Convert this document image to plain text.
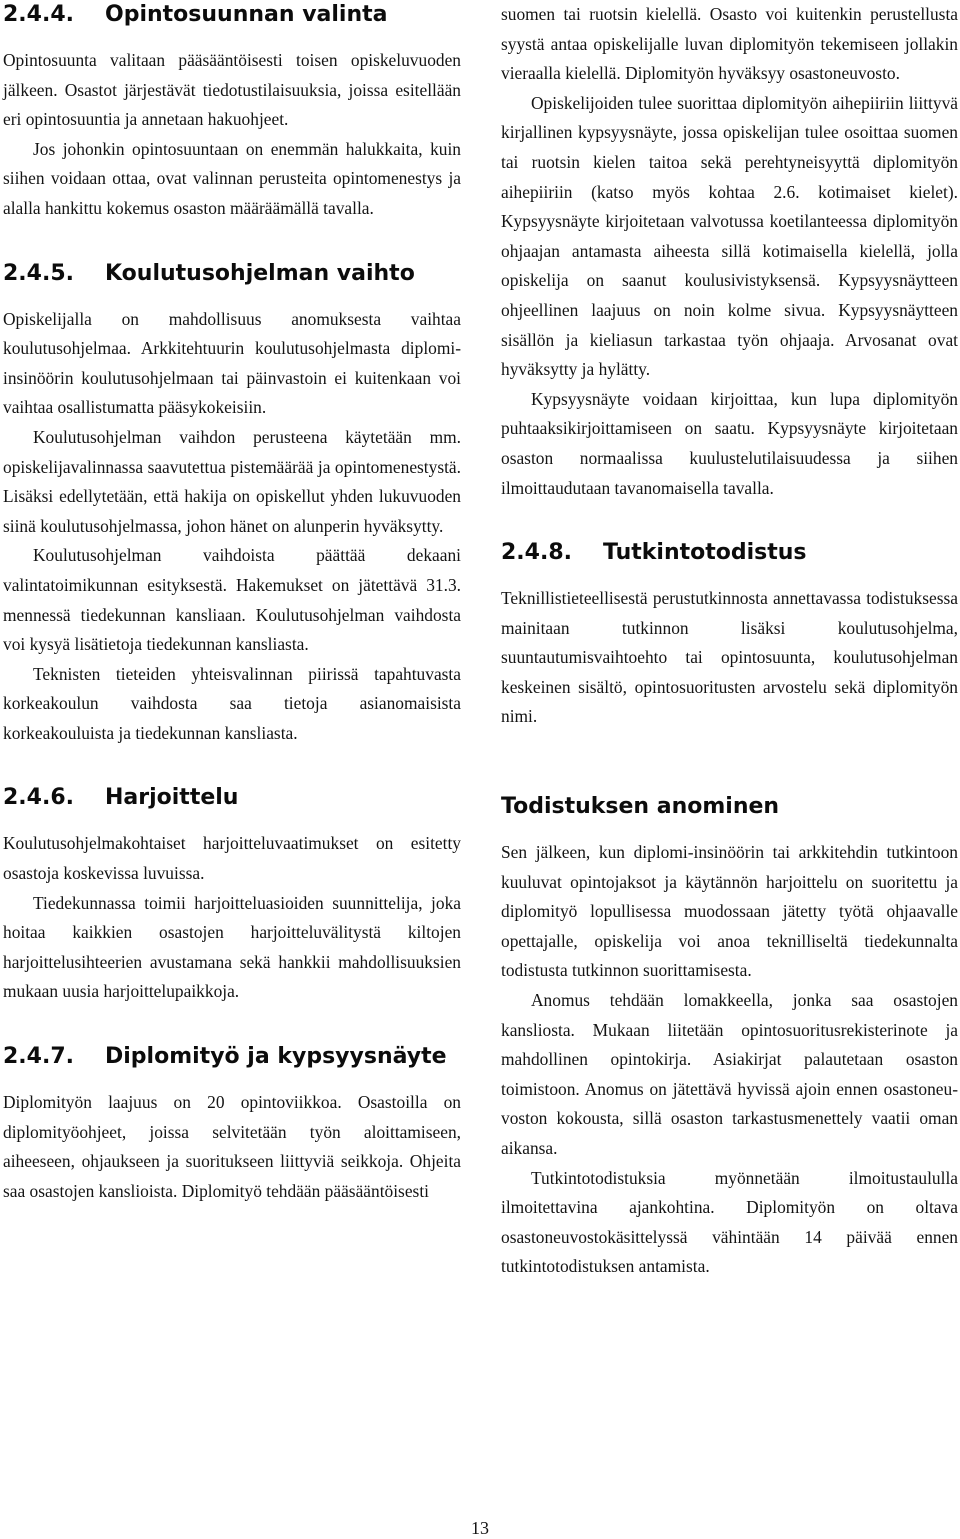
2.4.4. Opintosuunnan valinta

Opintosuunta valitaan pääsääntöisesti toisen opiskeluvuoden jälkeen. Osastot järjestävät tiedotustilaisuuksia, joissa esitellään eri opintosuuntia ja annetaan hakuohjeet.

Jos johonkin opintosuuntaan on enemmän halukkaita, kuin siihen voidaan ottaa, ovat valinnan perusteita opintomenestys ja alalla hankittu kokemus osaston määräämällä tavalla.

2.4.5. Koulutusohjelman vaihto

Opiskelijalla on mahdollisuus anomuksesta vaihtaa koulutusohjelmaa. Arkkitehtuurin koulutusohjelmasta diplomi-insinöörin koulutusohjelmaan tai päinvastoin ei kuitenkaan voi vaihtaa osallistumatta pääsykokeisiin.

Koulutusohjelman vaihdon perusteena käytetään mm. opiskelijavalinnassa saavutettua pistemäärää ja opintomenestystä. Lisäksi edellytetään, että hakija on opiskellut yhden lukuvuoden siinä koulutusohjelmassa, johon hänet on alunperin hyväksytty.

Koulutusohjelman vaihdoista päättää dekaani valintatoimikunnan esityksestä. Hakemukset on jätettävä 31.3. mennessä tiedekunnan kansliaan. Koulutusohjelman vaihdosta voi kysyä lisätietoja tiedekunnan kansliasta.

Teknisten tieteiden yhteisvalinnan piirissä tapahtuvasta korkeakoulun vaihdosta saa tietoja asianomaisista korkeakouluista ja tiedekunnan kansliasta.

2.4.6. Harjoittelu

Koulutusohjelmakohtaiset harjoitteluvaatimukset on esitetty osastoja koskevissa luvuissa.

Tiedekunnassa toimii harjoitteluasioiden suunnittelija, joka hoitaa kaikkien osastojen harjoitteluvälitystä kiltojen harjoittelusihteerien avustamana sekä hankkii mahdollisuuksien mukaan uusia harjoittelupaikkoja.

2.4.7. Diplomityö ja kypsyysnäyte

Diplomityön laajuus on 20 opintoviikkoa. Osastoilla on diplomityöohjeet, joissa selvitetään työn aloittamiseen, aiheeseen, ohjaukseen ja suoritukseen liittyviä seikkoja. Ohjeita saa osastojen kanslioista. Diplomityö tehdään pääsääntöisesti

suomen tai ruotsin kielellä. Osasto voi kuitenkin perustellusta syystä antaa opiskelijalle luvan diplomityön tekemiseen jollakin vieraalla kielellä. Diplomityön hyväksyy osastoneuvosto.

Opiskelijoiden tulee suorittaa diplomityön aihepiiriin liittyvä kirjallinen kypsyysnäyte, jossa opiskelijan tulee osoittaa suomen tai ruotsin kielen taitoa sekä perehtyneisyyttä diplomityön aihepiiriin (katso myös kohtaa 2.6. kotimaiset kielet). Kypsyysnäyte kirjoitetaan valvotussa koetilanteessa diplomityön ohjaajan antamasta aiheesta sillä kotimaisella kielellä, jolla opiskelija on saanut koulusivistyksensä. Kypsyysnäytteen ohjeellinen laajuus on noin kolme sivua. Kypsyysnäytteen sisällön ja kieliasun tarkastaa työn ohjaaja. Arvosanat ovat hyväksytty ja hylätty.

Kypsyysnäyte voidaan kirjoittaa, kun lupa diplomityön puhtaaksikirjoittamiseen on saatu. Kypsyysnäyte kirjoitetaan osaston normaalissa kuulustelutilaisuudessa ja siihen ilmoittaudutaan tavanomaisella tavalla.

2.4.8. Tutkintotodistus

Teknillistieteellisestä perustutkinnosta annettavassa todistuksessa mainitaan tutkinnon lisäksi koulutusohjelma, suuntautumisvaihtoehto tai opintosuunta, koulutusohjelman keskeinen sisältö, opintosuoritusten arvostelu sekä diplomityön nimi.

Todistuksen anominen

Sen jälkeen, kun diplomi-insinöörin tai arkkitehdin tutkintoon kuuluvat opintojaksot ja käytännön harjoittelu on suoritettu ja diplomityö lopullisessa muodossaan jätetty työtä ohjaavalle opettajalle, opiskelija voi anoa teknilliseltä tiedekunnalta todistusta tutkinnon suorittamisesta.

Anomus tehdään lomakkeella, jonka saa osastojen kansliosta. Mukaan liitetään opintosuoritusrekisterinote ja mahdollinen opintokirja. Asiakirjat palautetaan osaston toimistoon. Anomus on jätettävä hyvissä ajoin ennen osastoneuvoston kokousta, sillä osaston tarkastusmenettely vaatii oman aikansa.

Tutkintotodistuksia myönnetään ilmoitustaululla ilmoitettavina ajankohtina. Diplomityön on oltava osastoneuvostokäsittelyssä vähintään 14 päivää ennen tutkintotodistuksen antamista.

13
